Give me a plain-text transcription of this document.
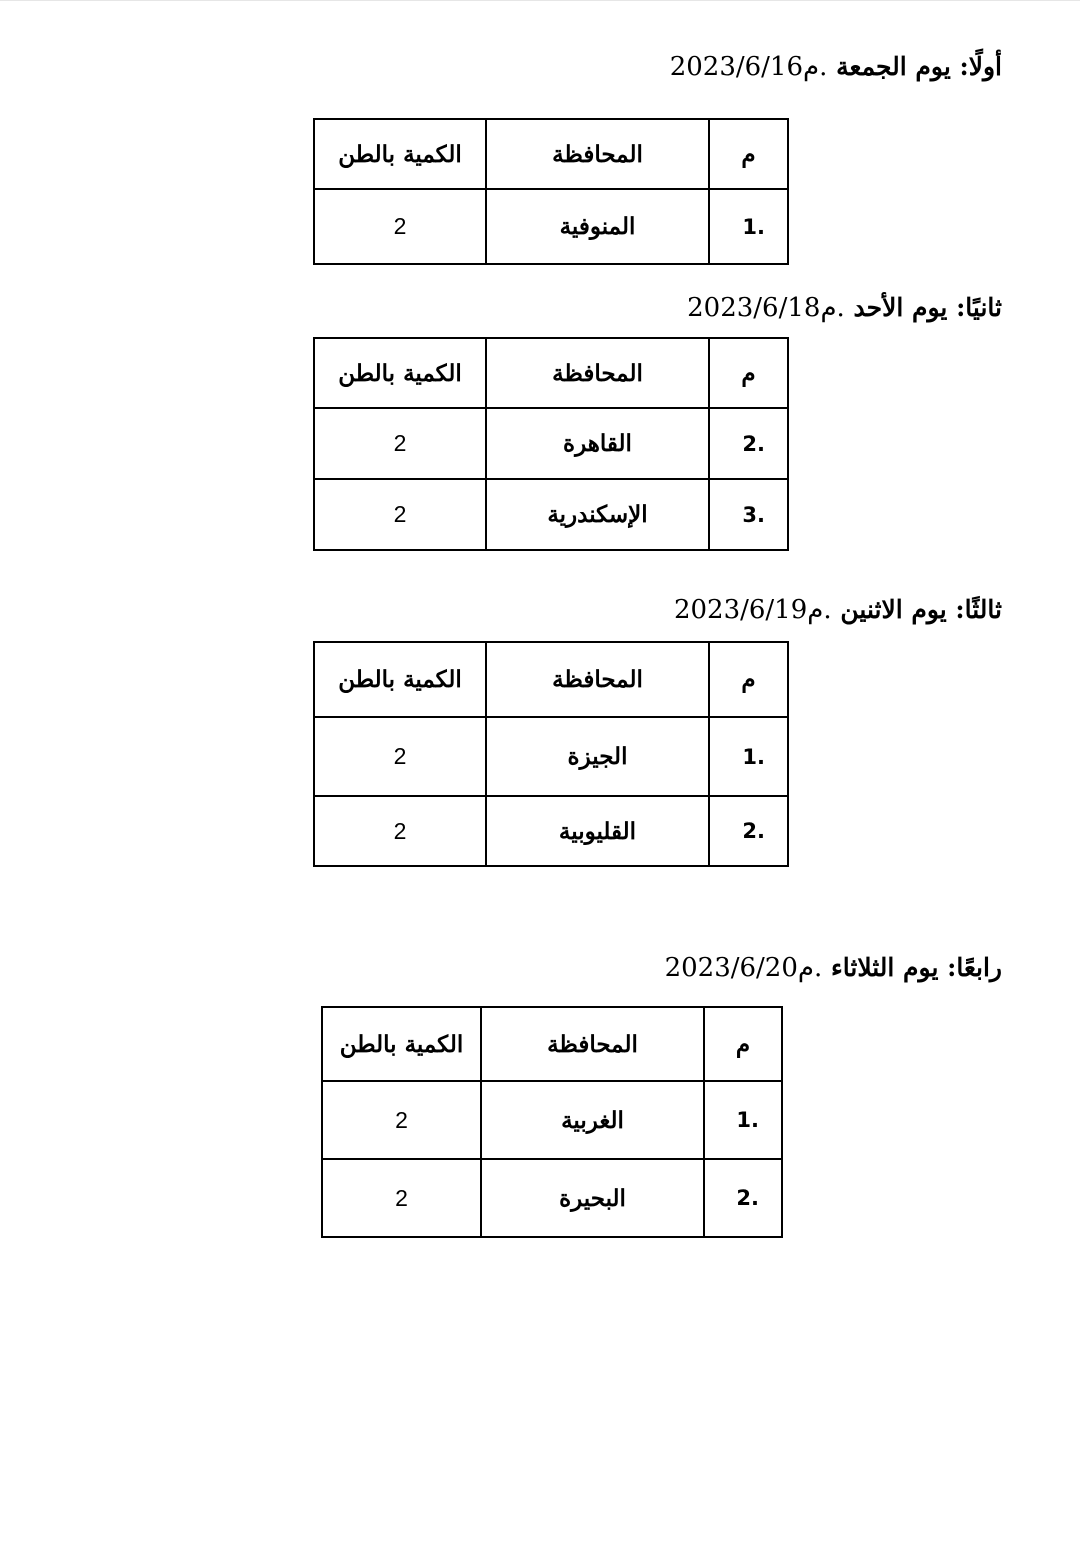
أولًا: يوم الجمعة 2023/6/16م.
م	المحافظة	الكمية بالطن
.1	المنوفية	2
ثانيًا: يوم الأحد 2023/6/18م.
م	المحافظة	الكمية بالطن
.2	القاهرة	2
.3	الإسكندرية	2
ثالثًا: يوم الاثنين 2023/6/19م.
م	المحافظة	الكمية بالطن
.1	الجيزة	2
.2	القليوبية	2
رابعًا: يوم الثلاثاء 2023/6/20م.
م	المحافظة	الكمية بالطن
.1	الغربية	2
.2	البحيرة	2
